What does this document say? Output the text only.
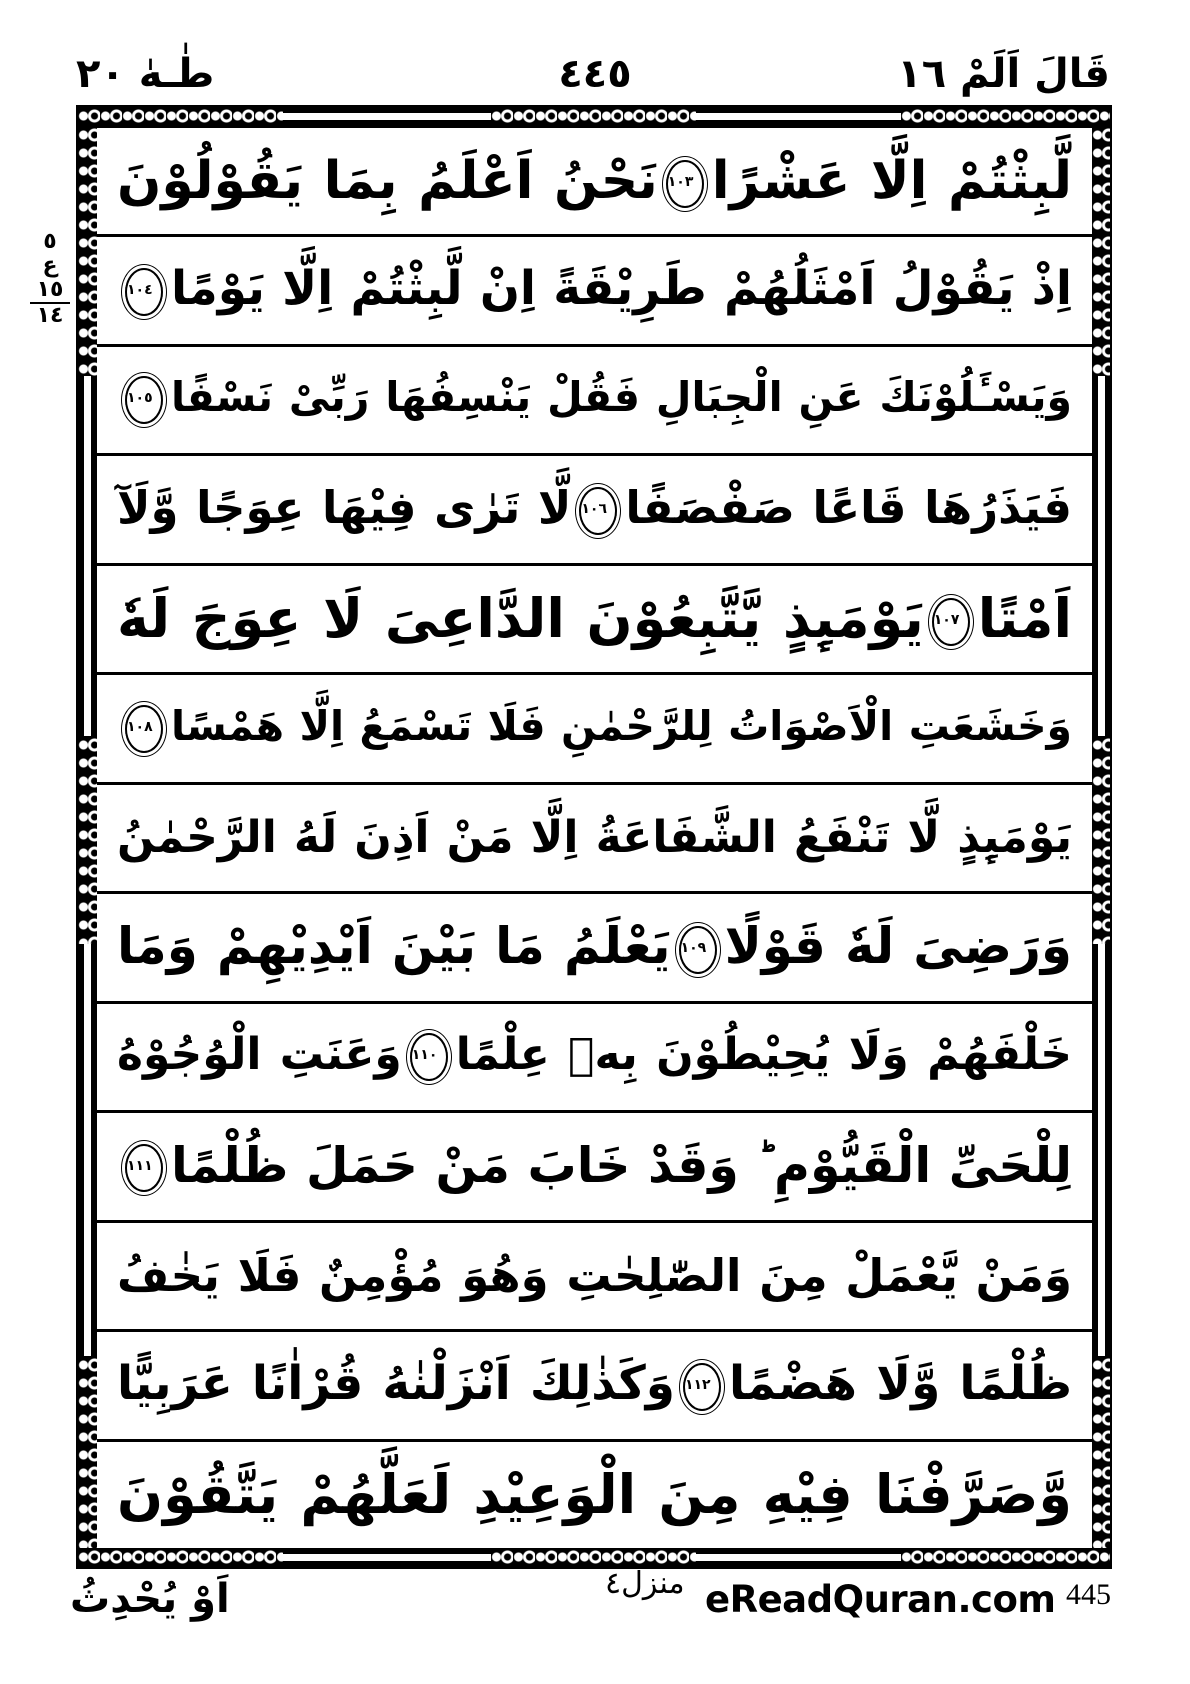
قَالَ اَلَمْ ١٦
٤٤٥
طٰـهٰ ٢٠
٥
ع
١٥
١٤
لَّبِثْتُمْ اِلَّا عَشْرًا١٠٣نَحْنُ اَعْلَمُ بِمَا يَقُوْلُوْنَ
اِذْ يَقُوْلُ اَمْثَلُهُمْ طَرِيْقَةً اِنْ لَّبِثْتُمْ اِلَّا يَوْمًا١٠٤
وَيَسْـَٔلُوْنَكَ عَنِ الْجِبَالِ فَقُلْ يَنْسِفُهَا رَبِّىْ نَسْفًا١٠٥
فَيَذَرُهَا قَاعًا صَفْصَفًا١٠٦لَّا تَرٰى فِيْهَا عِوَجًا وَّلَآ
اَمْتًا١٠٧يَوْمَىِٕذٍ يَّتَّبِعُوْنَ الدَّاعِىَ لَا عِوَجَ لَهٗ
وَخَشَعَتِ الْاَصْوَاتُ لِلرَّحْمٰنِ فَلَا تَسْمَعُ اِلَّا هَمْسًا١٠٨
يَوْمَىِٕذٍ لَّا تَنْفَعُ الشَّفَاعَةُ اِلَّا مَنْ اَذِنَ لَهُ الرَّحْمٰنُ
وَرَضِىَ لَهٗ قَوْلًا١٠٩يَعْلَمُ مَا بَيْنَ اَيْدِيْهِمْ وَمَا
خَلْفَهُمْ وَلَا يُحِيْطُوْنَ بِهٖ عِلْمًا١١٠وَعَنَتِ الْوُجُوْهُ
لِلْحَىِّ الْقَيُّوْمِ ؕ وَقَدْ خَابَ مَنْ حَمَلَ ظُلْمًا١١١
وَمَنْ يَّعْمَلْ مِنَ الصّٰلِحٰتِ وَهُوَ مُؤْمِنٌ فَلَا يَخٰفُ
ظُلْمًا وَّلَا هَضْمًا١١٢وَكَذٰلِكَ اَنْزَلْنٰهُ قُرْاٰنًا عَرَبِيًّا
وَّصَرَّفْنَا فِيْهِ مِنَ الْوَعِيْدِ لَعَلَّهُمْ يَتَّقُوْنَ
اَوْ يُحْدِثُ	منزل٤ eReadQuran.com 445
